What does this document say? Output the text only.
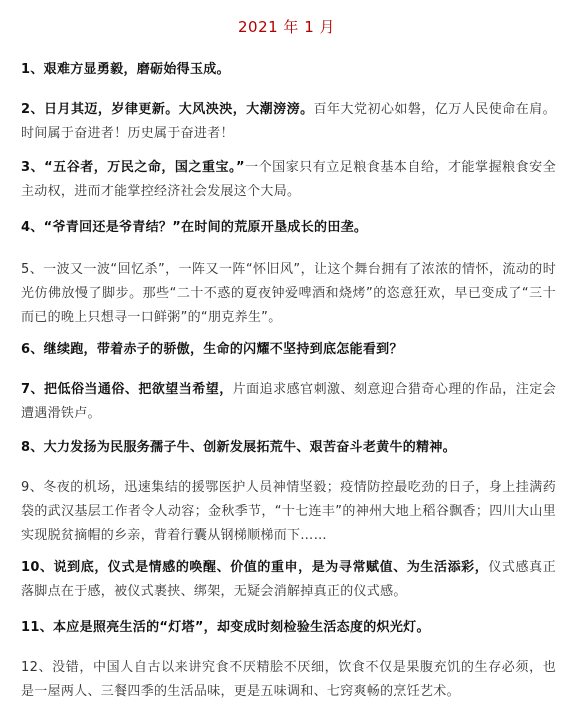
2021 年 1 月
1、艰难方显勇毅，磨砺始得玉成。
2、日月其迈，岁律更新。大风泱泱，大潮滂滂。百年大党初心如磐，亿万人民使命在肩。时间属于奋进者！历史属于奋进者！
3、“五谷者，万民之命，国之重宝。”一个国家只有立足粮食基本自给，才能掌握粮食安全主动权，进而才能掌控经济社会发展这个大局。
4、“爷青回还是爷青结？”在时间的荒原开垦成长的田垄。
5、一波又一波“回忆杀”，一阵又一阵“怀旧风”，让这个舞台拥有了浓浓的情怀，流动的时光仿佛放慢了脚步。那些“二十不惑的夏夜钟爱啤酒和烧烤”的恣意狂欢，早已变成了“三十而已的晚上只想寻一口鲜粥”的“朋克养生”。
6、继续跑，带着赤子的骄傲，生命的闪耀不坚持到底怎能看到？
7、把低俗当通俗、把欲望当希望，片面追求感官刺激、刻意迎合猎奇心理的作品，注定会遭遇滑铁卢。
8、大力发扬为民服务孺子牛、创新发展拓荒牛、艰苦奋斗老黄牛的精神。
9、冬夜的机场，迅速集结的援鄂医护人员神情坚毅；疫情防控最吃劲的日子，身上挂满药袋的武汉基层工作者令人动容；金秋季节，“十七连丰”的神州大地上稻谷飘香；四川大山里实现脱贫摘帽的乡亲，背着行囊从钢梯顺梯而下……
10、说到底，仪式是情感的唤醒、价值的重申，是为寻常赋值、为生活添彩，仪式感真正落脚点在于感，被仪式裹挟、绑架，无疑会消解掉真正的仪式感。
11、本应是照亮生活的“灯塔”，却变成时刻检验生活态度的炽光灯。
12、没错，中国人自古以来讲究食不厌精脍不厌细，饮食不仅是果腹充饥的生存必须，也是一屋两人、三餐四季的生活品味，更是五味调和、七窍爽畅的烹饪艺术。
